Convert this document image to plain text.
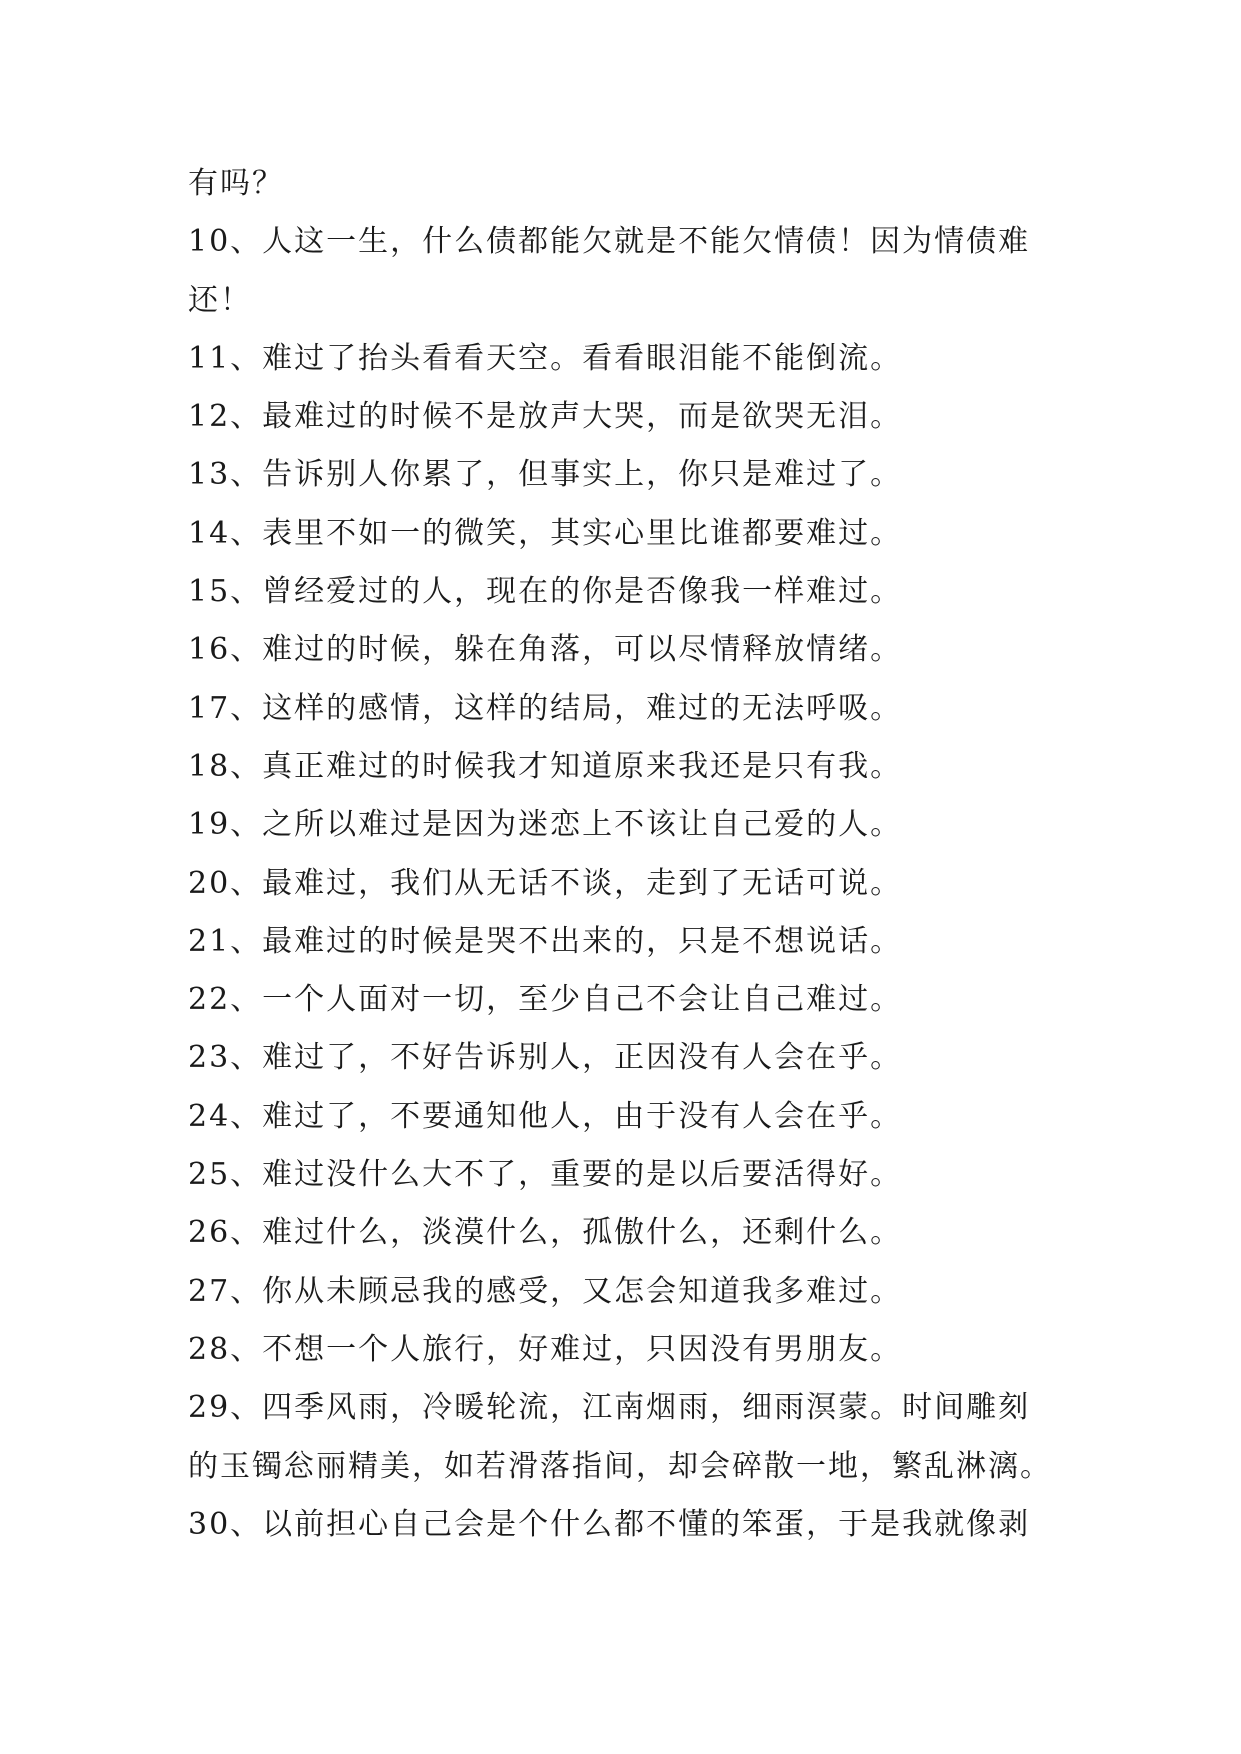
有吗？
10、人这一生，什么债都能欠就是不能欠情债！因为情债难
还！
11、难过了抬头看看天空。看看眼泪能不能倒流。
12、最难过的时候不是放声大哭，而是欲哭无泪。
13、告诉别人你累了，但事实上，你只是难过了。
14、表里不如一的微笑，其实心里比谁都要难过。
15、曾经爱过的人，现在的你是否像我一样难过。
16、难过的时候，躲在角落，可以尽情释放情绪。
17、这样的感情，这样的结局，难过的无法呼吸。
18、真正难过的时候我才知道原来我还是只有我。
19、之所以难过是因为迷恋上不该让自己爱的人。
20、最难过，我们从无话不谈，走到了无话可说。
21、最难过的时候是哭不出来的，只是不想说话。
22、一个人面对一切，至少自己不会让自己难过。
23、难过了，不好告诉别人，正因没有人会在乎。
24、难过了，不要通知他人，由于没有人会在乎。
25、难过没什么大不了，重要的是以后要活得好。
26、难过什么，淡漠什么，孤傲什么，还剩什么。
27、你从未顾忌我的感受，又怎会知道我多难过。
28、不想一个人旅行，好难过，只因没有男朋友。
29、四季风雨，冷暖轮流，江南烟雨，细雨溟蒙。时间雕刻
的玉镯忩丽精美，如若滑落指间，却会碎散一地，繁乱淋漓。
30、以前担心自己会是个什么都不懂的笨蛋，于是我就像剥
